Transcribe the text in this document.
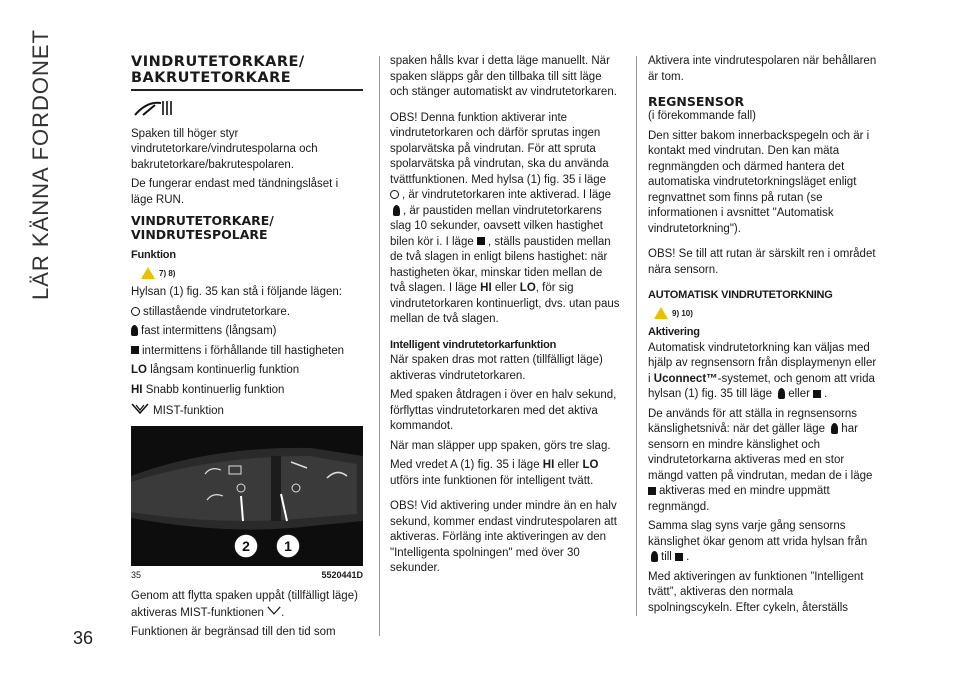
LÄR KÄNNA FORDONET
36
VINDRUTETORKARE/ BAKRUTETORKARE

Spaken till höger styr vindrutetorkare/vindrutespolarna och bakrutetorkare/bakrutespolaren.

De fungerar endast med tändningslåset i läge RUN.

VINDRUTETORKARE/ VINDRUTESPOLARE
Funktion
7) 8)

Hylsan (1) fig. 35 kan stå i följande lägen:

stillastående vindrutetorkare.

fast intermittens (långsam)

intermittens i förhållande till hastigheten

LO långsam kontinuerlig funktion

HI Snabb kontinuerlig funktion

MIST-funktion

2 1
35	5520441D

Genom att flytta spaken uppåt (tillfälligt läge) aktiveras MIST-funktionen .

Funktionen är begränsad till den tid som

spaken hålls kvar i detta läge manuellt. När spaken släpps går den tillbaka till sitt läge och stänger automatiskt av vindrutetorkaren.

OBS! Denna funktion aktiverar inte vindrutetorkaren och därför sprutas ingen spolarvätska på vindrutan. För att spruta spolarvätska på vindrutan, ska du använda tvättfunktionen. Med hylsa (1) fig. 35 i läge , är vindrutetorkaren inte aktiverad. I läge , är paustiden mellan vindrutetorkarens slag 10 sekunder, oavsett vilken hastighet bilen kör i. I läge , ställs paustiden mellan de två slagen in enligt bilens hastighet: när hastigheten ökar, minskar tiden mellan de två slagen. I läge HI eller LO, för sig vindrutetorkaren kontinuerligt, dvs. utan paus mellan de två slagen.

Intelligent vindrutetorkarfunktion

När spaken dras mot ratten (tillfälligt läge) aktiveras vindrutetorkaren.

Med spaken åtdragen i över en halv sekund, förflyttas vindrutetorkaren med det aktiva kommandot.

När man släpper upp spaken, görs tre slag.

Med vredet A (1) fig. 35 i läge HI eller LO utförs inte funktionen för intelligent tvätt.

OBS! Vid aktivering under mindre än en halv sekund, kommer endast vindrutespolaren att aktiveras. Förläng inte aktiveringen av den "Intelligenta spolningen" med över 30 sekunder.

Aktivera inte vindrutespolaren när behållaren är tom.

REGNSENSOR

(i förekommande fall)

Den sitter bakom innerbackspegeln och är i kontakt med vindrutan. Den kan mäta regnmängden och därmed hantera det automatiska vindrutetorkningsläget enligt regnvattnet som finns på rutan (se informationen i avsnittet "Automatisk vindrutetorkning").

OBS! Se till att rutan är särskilt ren i området nära sensorn.

AUTOMATISK VINDRUTETORKNING
9) 10)
Aktivering

Automatisk vindrutetorkning kan väljas med hjälp av regnsensorn från displaymenyn eller i Uconnect™-systemet, och genom att vrida hylsan (1) fig. 35 till läge eller .

De används för att ställa in regnsensorns känslighetsnivå: när det gäller läge har sensorn en mindre känslighet och vindrutetorkarna aktiveras med en stor mängd vatten på vindrutan, medan de i läge aktiveras med en mindre uppmätt regnmängd.

Samma slag syns varje gång sensorns känslighet ökar genom att vrida hylsan från till .

Med aktiveringen av funktionen ”Intelligent tvätt”, aktiveras den normala spolningscykeln. Efter cykeln, återställs
